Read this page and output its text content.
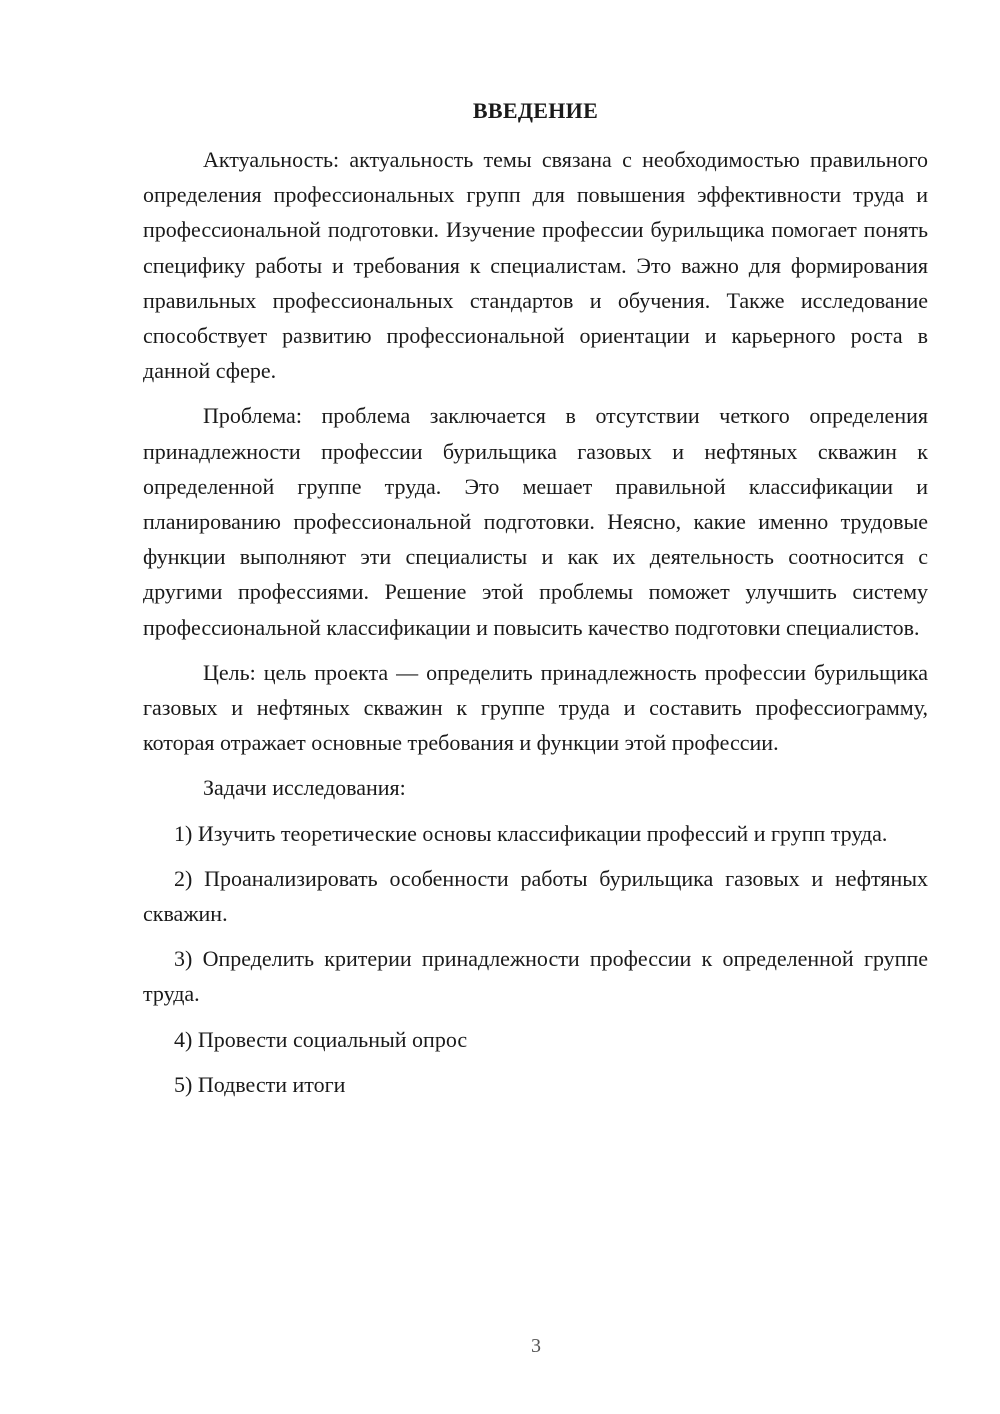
ВВЕДЕНИЕ

Актуальность: актуальность темы связана с необходимостью правильного определения профессиональных групп для повышения эффективности труда и профессиональной подготовки. Изучение профессии бурильщика помогает понять специфику работы и требования к специалистам. Это важно для формирования правильных профессиональных стандартов и обучения. Также исследование способствует развитию профессиональной ориентации и карьерного роста в данной сфере.

Проблема: проблема заключается в отсутствии четкого определения принадлежности профессии бурильщика газовых и нефтяных скважин к определенной группе труда. Это мешает правильной классификации и планированию профессиональной подготовки. Неясно, какие именно трудовые функции выполняют эти специалисты и как их деятельность соотносится с другими профессиями. Решение этой проблемы поможет улучшить систему профессиональной классификации и повысить качество подготовки специалистов.

Цель: цель проекта — определить принадлежность профессии бурильщика газовых и нефтяных скважин к группе труда и составить профессиограмму, которая отражает основные требования и функции этой профессии.

Задачи исследования:

1) Изучить теоретические основы классификации профессий и групп труда.

2) Проанализировать особенности работы бурильщика газовых и нефтяных скважин.

3) Определить критерии принадлежности профессии к определенной группе труда.

4) Провести социальный опрос

5) Подвести итоги

3
